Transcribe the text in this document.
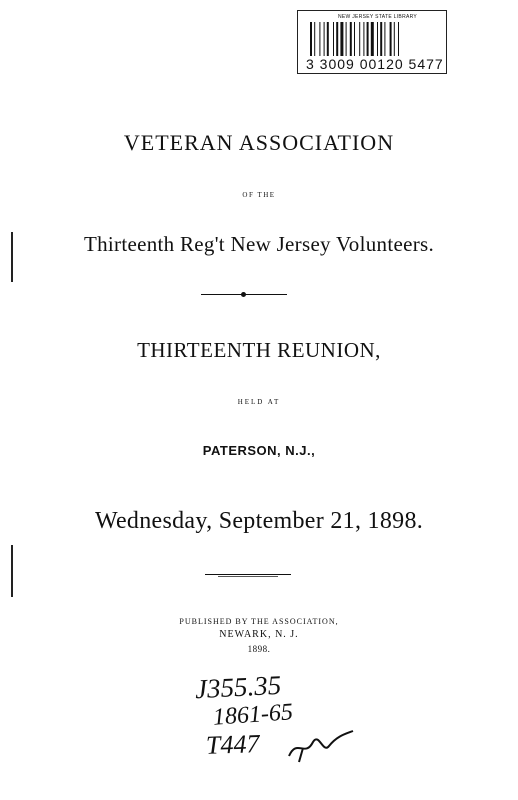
NEW JERSEY STATE LIBRARY
3 3009 00120 5477
VETERAN ASSOCIATION
OF THE
Thirteenth Reg't New Jersey Volunteers.
THIRTEENTH REUNION,
HELD AT
PATERSON, N.J.,
Wednesday, September 21, 1898.
PUBLISHED BY THE ASSOCIATION,
NEWARK, N. J.
1898.
J355.35
1861-65
T447
